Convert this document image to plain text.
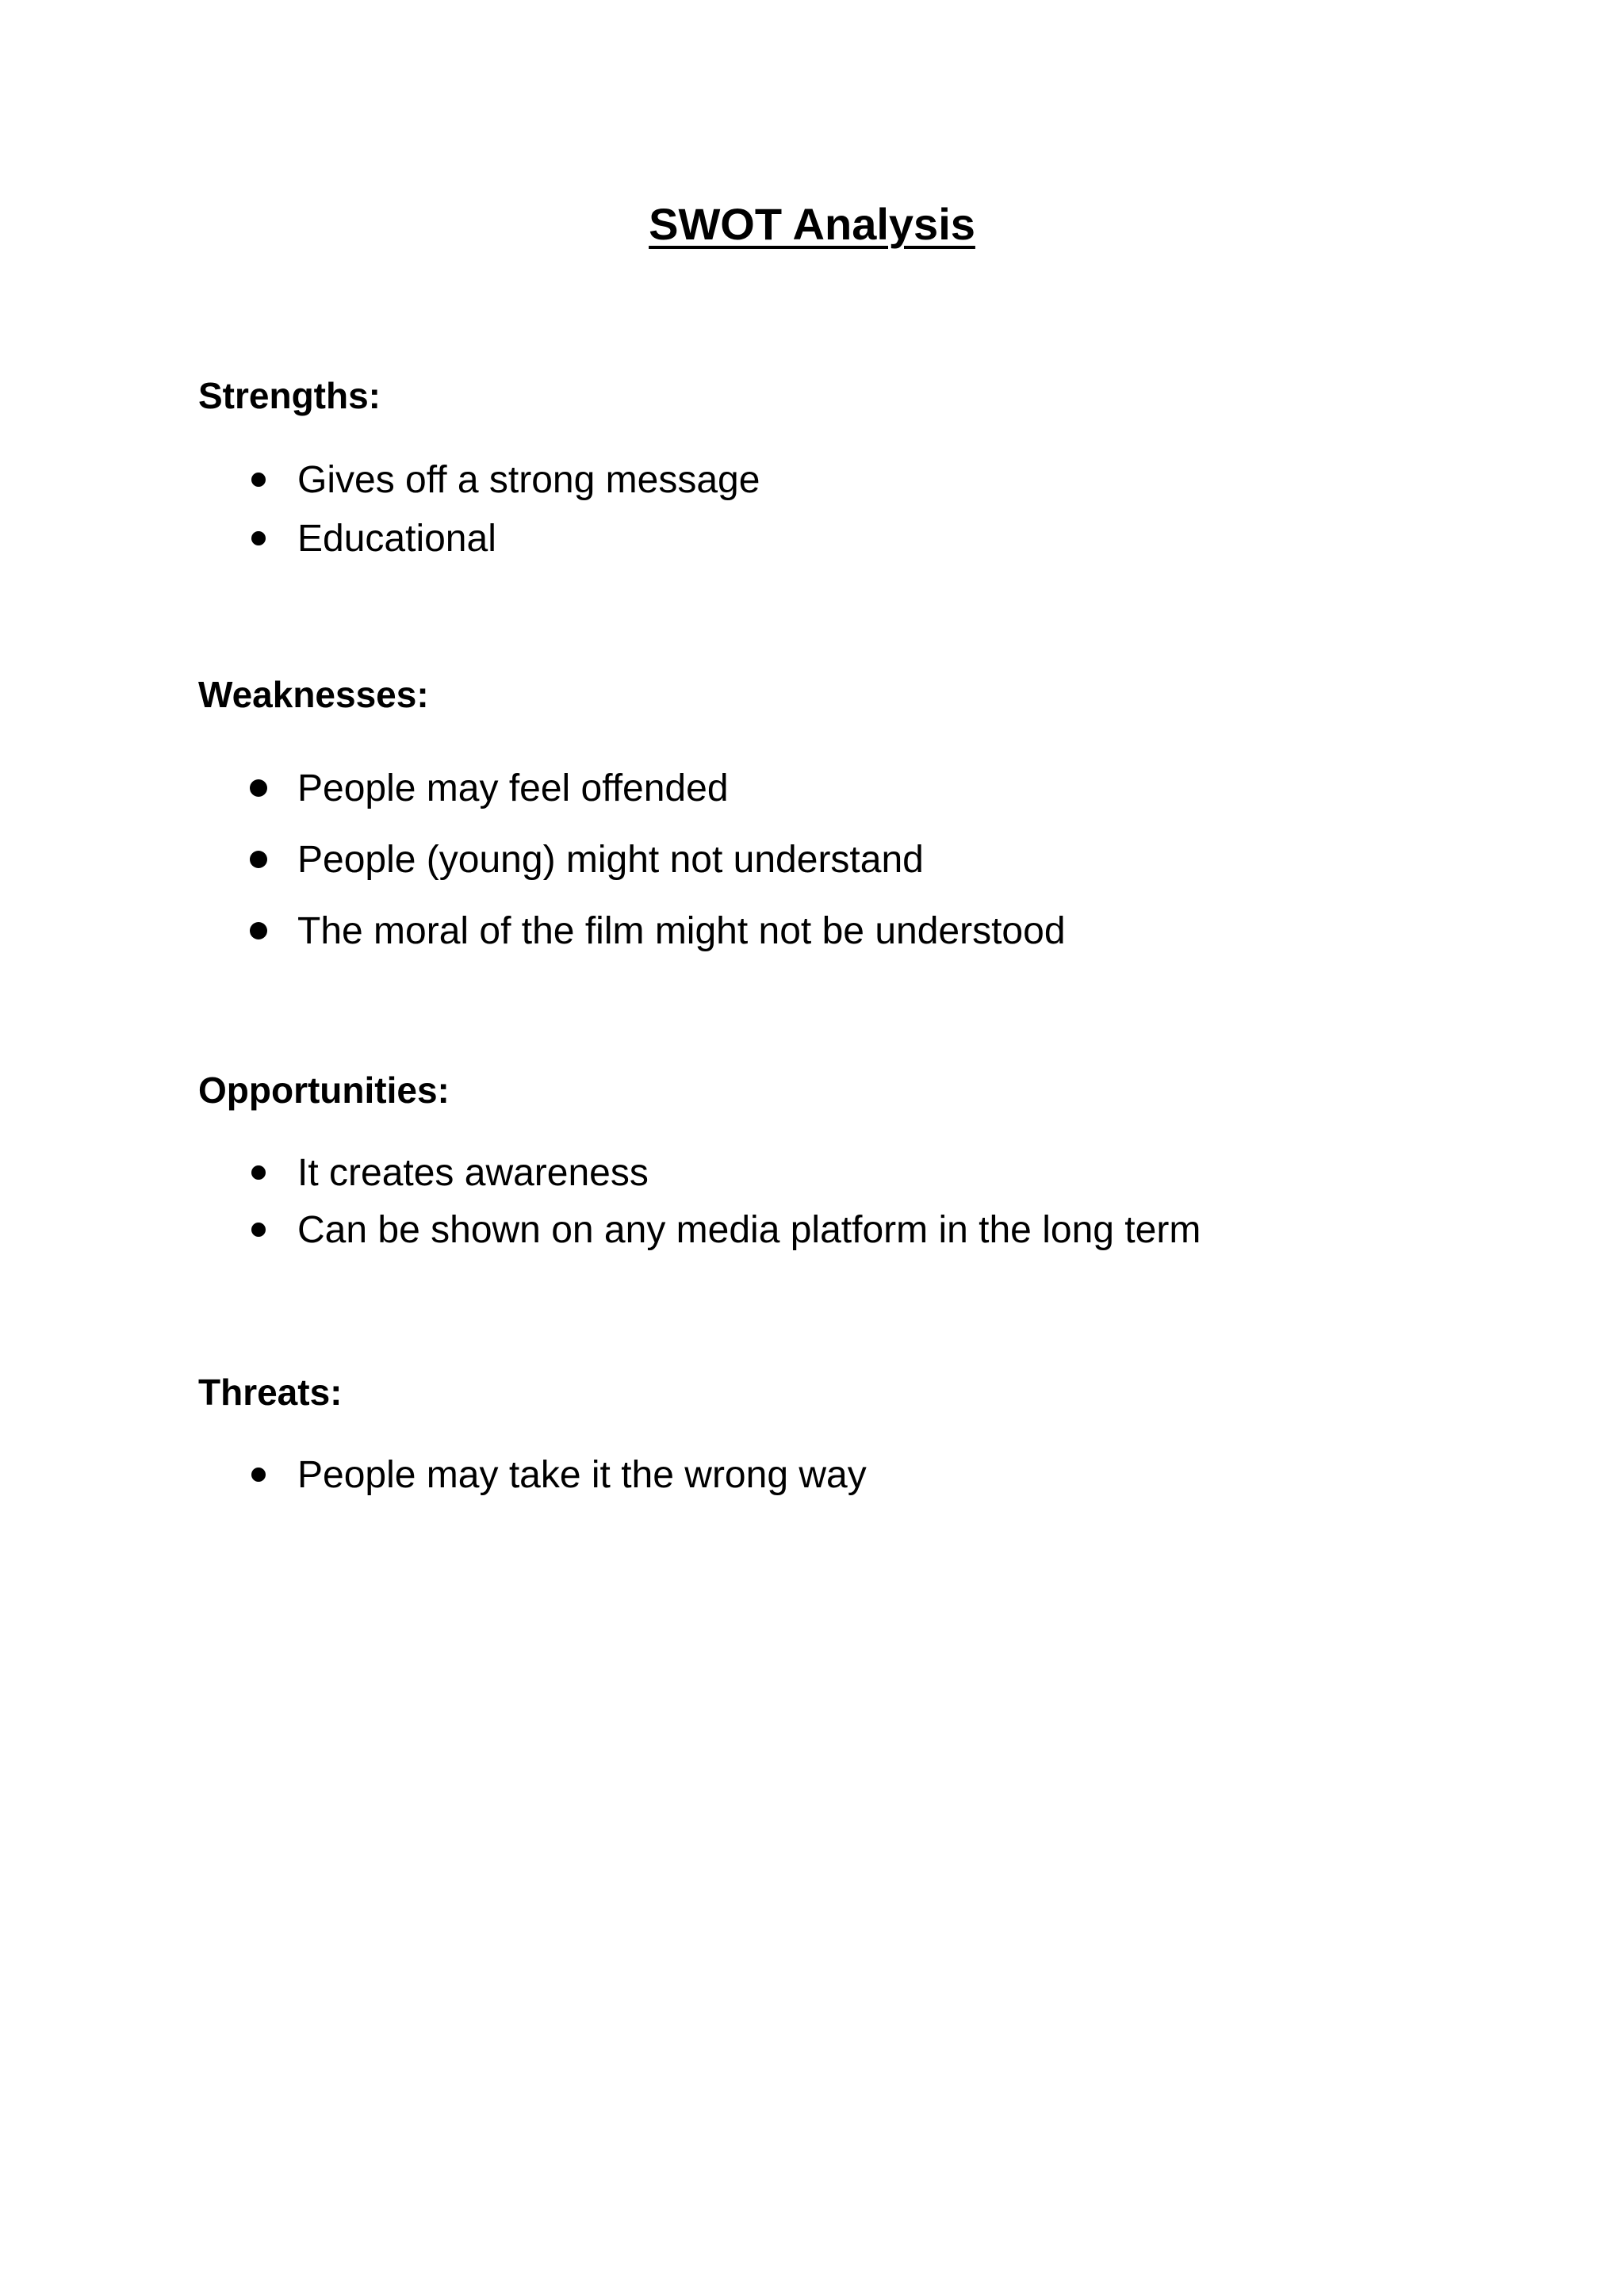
SWOT Analysis
Strengths:
Gives off a strong message
Educational
Weaknesses:
People may feel offended
People (young) might not understand
The moral of the film might not be understood
Opportunities:
It creates awareness
Can be shown on any media platform in the long term
Threats:
People may take it the wrong way
